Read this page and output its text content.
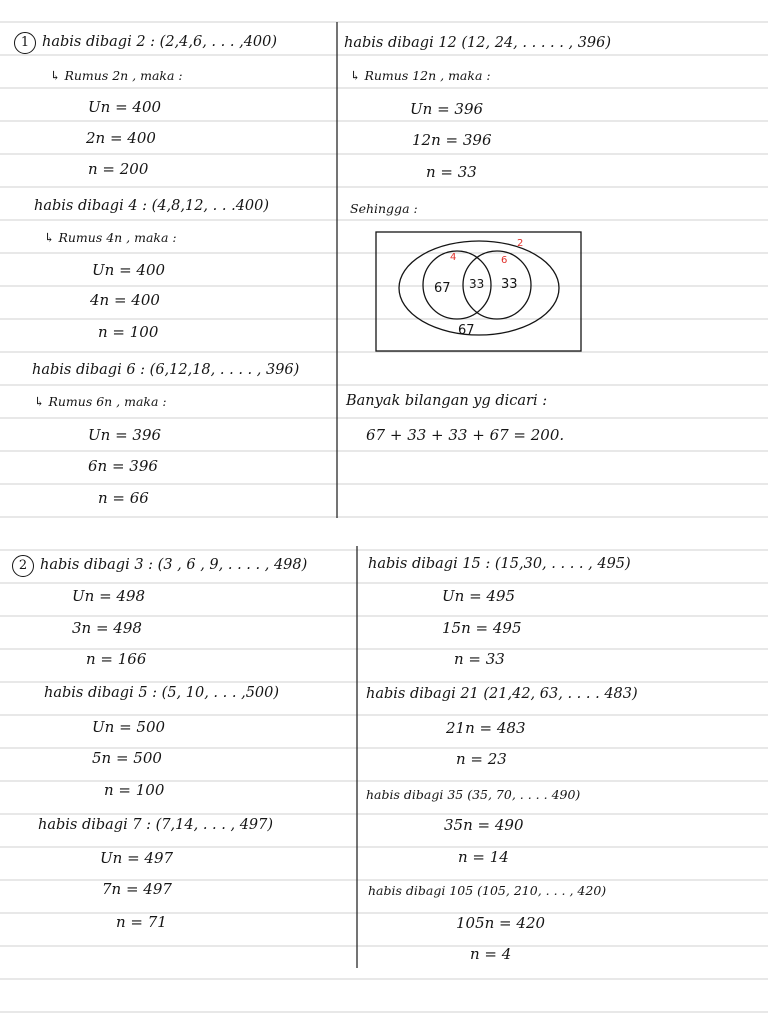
1 habis dibagi 2 : (2,4,6, . . . ,400)
↳ Rumus 2n , maka :
Un = 400
2n = 400
n = 200
habis dibagi 4 : (4,8,12, . . .400)
↳ Rumus 4n , maka :
Un = 400
4n = 400
n = 100
habis dibagi 6 : (6,12,18, . . . . , 396)
↳ Rumus 6n , maka :
Un = 396
6n = 396
n = 66
habis dibagi 12 (12, 24, . . . . . , 396)
↳ Rumus 12n , maka :
Un = 396
12n = 396
n = 33
Sehingga :
2
4	6
67 33 33
67
Banyak bilangan yg dicari :
67 + 33 + 33 + 67 = 200.
2 habis dibagi 3 : (3 , 6 , 9, . . . . , 498)
Un = 498
3n = 498
n = 166
habis dibagi 5 : (5, 10, . . . ,500)
Un = 500
5n = 500
n = 100
habis dibagi 7 : (7,14, . . . , 497)
Un = 497
7n = 497
n = 71
habis dibagi 15 : (15,30, . . . . , 495)
Un = 495
15n = 495
n = 33
habis dibagi 21 (21,42, 63, . . . . 483)
21n = 483
n = 23
habis dibagi 35 (35, 70, . . . . 490)
35n = 490
n = 14
habis dibagi 105 (105, 210, . . . , 420)
105n = 420
n = 4
